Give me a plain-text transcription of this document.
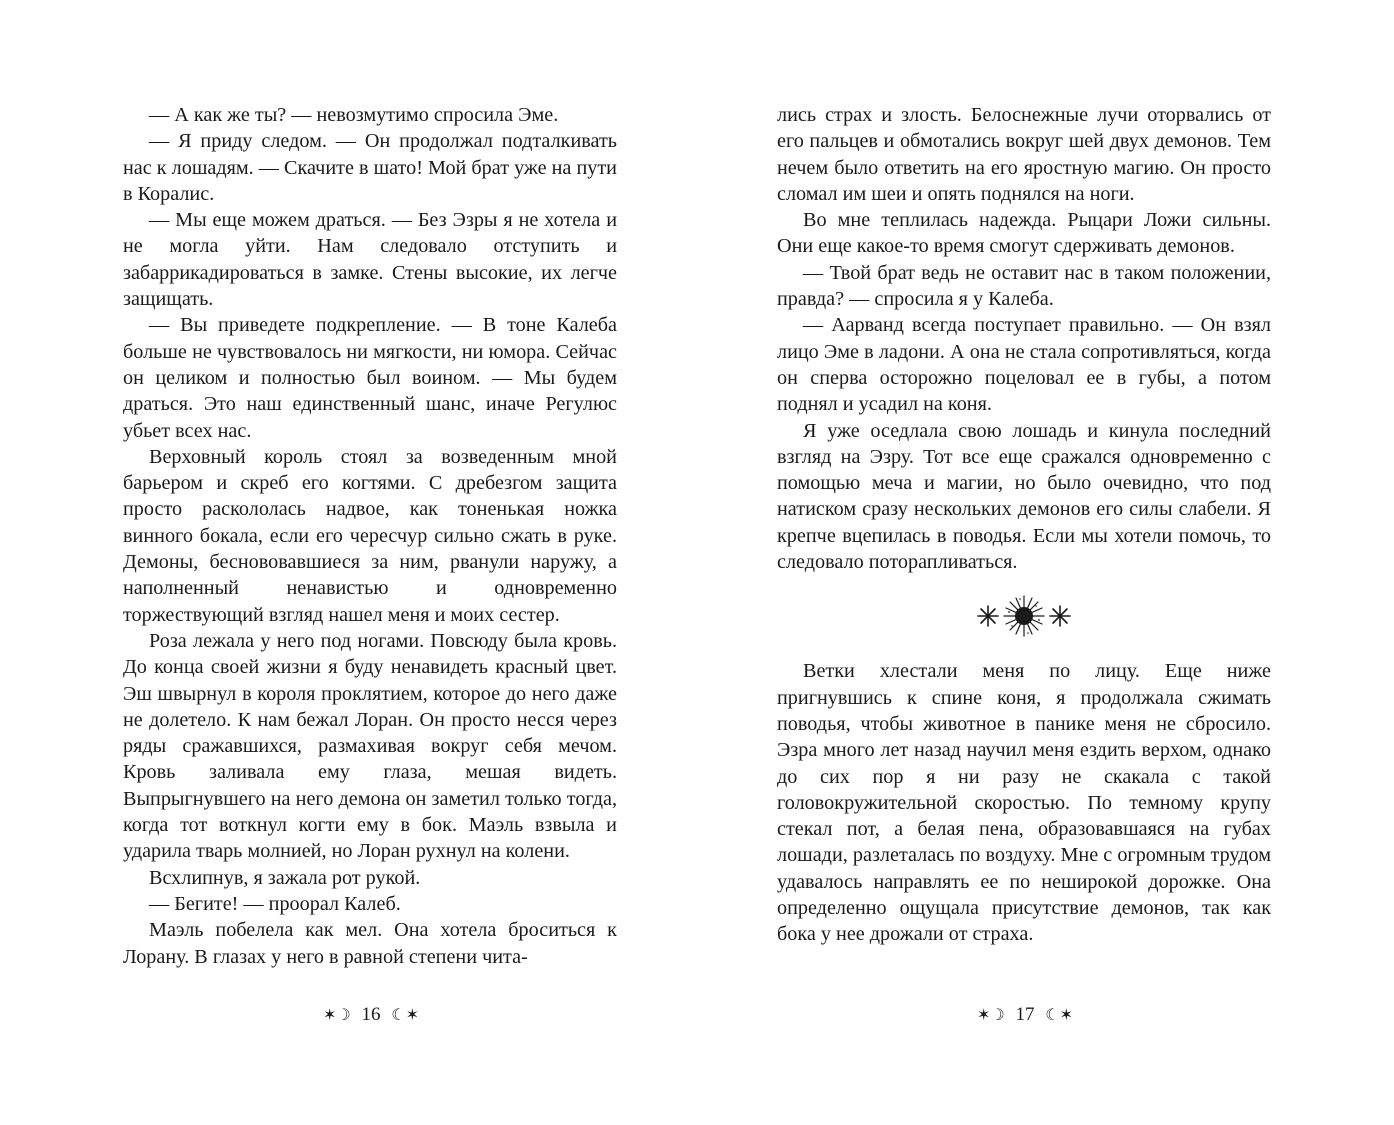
— А как же ты? — невозмутимо спросила Эме.

— Я приду следом. — Он продолжал подталкивать нас к лошадям. — Скачите в шато! Мой брат уже на пути в Коралис.

— Мы еще можем драться. — Без Эзры я не хотела и не могла уйти. Нам следовало отступить и забаррикадироваться в замке. Стены высокие, их легче защищать.

— Вы приведете подкрепление. — В тоне Калеба больше не чувствовалось ни мягкости, ни юмора. Сейчас он целиком и полностью был воином. — Мы будем драться. Это наш единственный шанс, иначе Регулюс убьет всех нас.

Верховный король стоял за возведенным мной барьером и скреб его когтями. С дребезгом защита просто раскололась надвое, как тоненькая ножка винного бокала, если его чересчур сильно сжать в руке. Демоны, беснововавшиеся за ним, рванули наружу, а наполненный ненавистью и одновременно торжествующий взгляд нашел меня и моих сестер.

Роза лежала у него под ногами. Повсюду была кровь. До конца своей жизни я буду ненавидеть красный цвет. Эш швырнул в короля проклятием, которое до него даже не долетело. К нам бежал Лоран. Он просто несся через ряды сражавшихся, размахивая вокруг себя мечом. Кровь заливала ему глаза, мешая видеть. Выпрыгнувшего на него демона он заметил только тогда, когда тот воткнул когти ему в бок. Маэль взвыла и ударила тварь молнией, но Лоран рухнул на колени.

Всхлипнув, я зажала рот рукой.

— Бегите! — проорал Калеб.

Маэль побелела как мел. Она хотела броситься к Лорану. В глазах у него в равной степени чита-

✶☽ 16 ☾✶

лись страх и злость. Белоснежные лучи оторвались от его пальцев и обмотались вокруг шей двух демонов. Тем нечем было ответить на его яростную магию. Он просто сломал им шеи и опять поднялся на ноги.

Во мне теплилась надежда. Рыцари Ложи сильны. Они еще какое-то время смогут сдерживать демонов.

— Твой брат ведь не оставит нас в таком положении, правда? — спросила я у Калеба.

— Аарванд всегда поступает правильно. — Он взял лицо Эме в ладони. А она не стала сопротивляться, когда он сперва осторожно поцеловал ее в губы, а потом поднял и усадил на коня.

Я уже оседлала свою лошадь и кинула последний взгляд на Эзру. Тот все еще сражался одновременно с помощью меча и магии, но было очевидно, что под натиском сразу нескольких демонов его силы слабели. Я крепче вцепилась в поводья. Если мы хотели помочь, то следовало поторапливаться.

Ветки хлестали меня по лицу. Еще ниже пригнувшись к спине коня, я продолжала сжимать поводья, чтобы животное в панике меня не сбросило. Эзра много лет назад научил меня ездить верхом, однако до сих пор я ни разу не скакала с такой головокружительной скоростью. По темному крупу стекал пот, а белая пена, образовавшаяся на губах лошади, разлеталась по воздуху. Мне с огромным трудом удавалось направлять ее по неширокой дорожке. Она определенно ощущала присутствие демонов, так как бока у нее дрожали от страха.

✶☽ 17 ☾✶
